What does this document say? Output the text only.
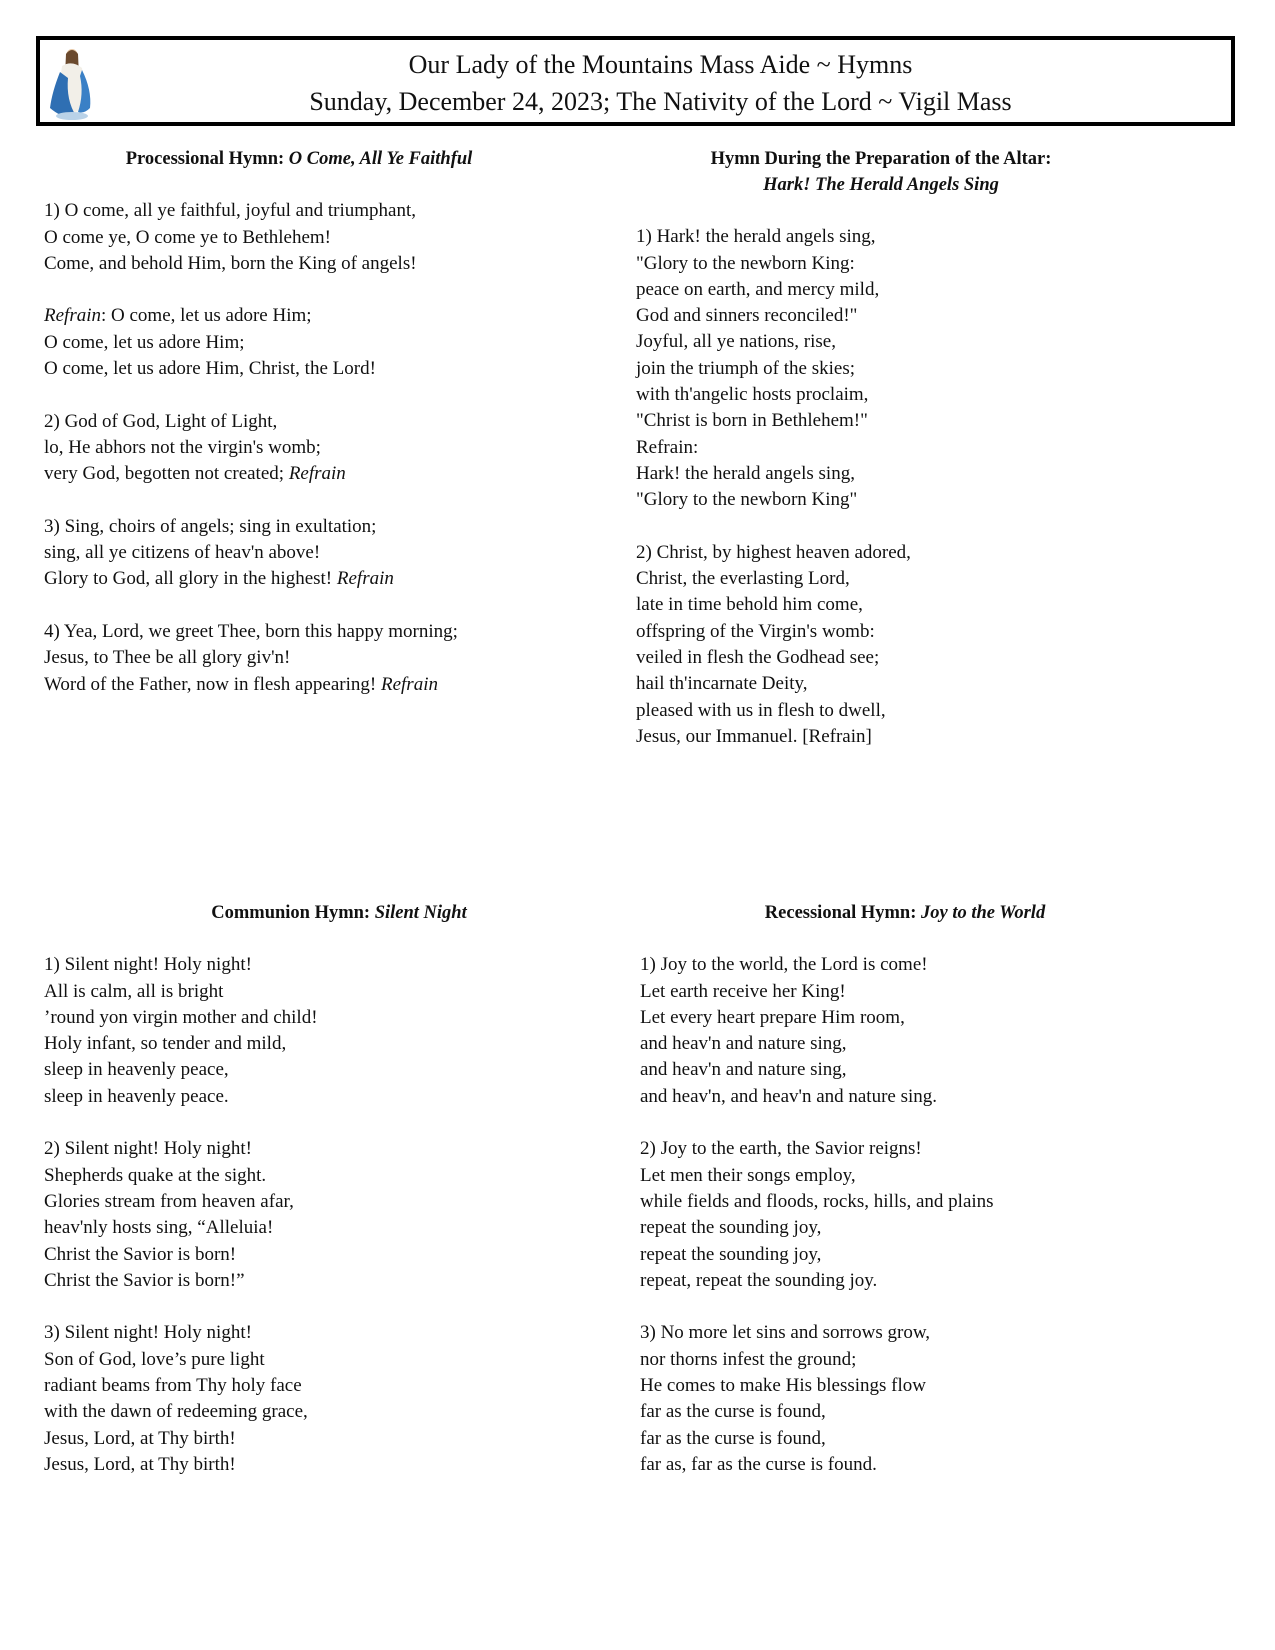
Our Lady of the Mountains Mass Aide ~ Hymns
Sunday, December 24, 2023; The Nativity of the Lord ~ Vigil Mass
Processional Hymn: O Come, All Ye Faithful
1) O come, all ye faithful, joyful and triumphant,
O come ye, O come ye to Bethlehem!
Come, and behold Him, born the King of angels!
Refrain: O come, let us adore Him;
O come, let us adore Him;
O come, let us adore Him, Christ, the Lord!
2) God of God, Light of Light,
lo, He abhors not the virgin's womb;
very God, begotten not created; Refrain
3) Sing, choirs of angels; sing in exultation;
sing, all ye citizens of heav'n above!
Glory to God, all glory in the highest! Refrain
4) Yea, Lord, we greet Thee, born this happy morning;
Jesus, to Thee be all glory giv'n!
Word of the Father, now in flesh appearing! Refrain
Hymn During the Preparation of the Altar:
Hark! The Herald Angels Sing
1) Hark! the herald angels sing,
"Glory to the newborn King:
peace on earth, and mercy mild,
God and sinners reconciled!"
Joyful, all ye nations, rise,
join the triumph of the skies;
with th'angelic hosts proclaim,
"Christ is born in Bethlehem!"
Refrain:
Hark! the herald angels sing,
"Glory to the newborn King"
2) Christ, by highest heaven adored,
Christ, the everlasting Lord,
late in time behold him come,
offspring of the Virgin's womb:
veiled in flesh the Godhead see;
hail th'incarnate Deity,
pleased with us in flesh to dwell,
Jesus, our Immanuel. [Refrain]
Communion Hymn: Silent Night
1) Silent night! Holy night!
All is calm, all is bright
’round yon virgin mother and child!
Holy infant, so tender and mild,
sleep in heavenly peace,
sleep in heavenly peace.
2) Silent night! Holy night!
Shepherds quake at the sight.
Glories stream from heaven afar,
heav'nly hosts sing, “Alleluia!
Christ the Savior is born!
Christ the Savior is born!”
3) Silent night! Holy night!
Son of God, love’s pure light
radiant beams from Thy holy face
with the dawn of redeeming grace,
Jesus, Lord, at Thy birth!
Jesus, Lord, at Thy birth!
Recessional Hymn: Joy to the World
1) Joy to the world, the Lord is come!
Let earth receive her King!
Let every heart prepare Him room,
and heav'n and nature sing,
and heav'n and nature sing,
and heav'n, and heav'n and nature sing.
2) Joy to the earth, the Savior reigns!
Let men their songs employ,
while fields and floods, rocks, hills, and plains
repeat the sounding joy,
repeat the sounding joy,
repeat, repeat the sounding joy.
3) No more let sins and sorrows grow,
nor thorns infest the ground;
He comes to make His blessings flow
far as the curse is found,
far as the curse is found,
far as, far as the curse is found.
